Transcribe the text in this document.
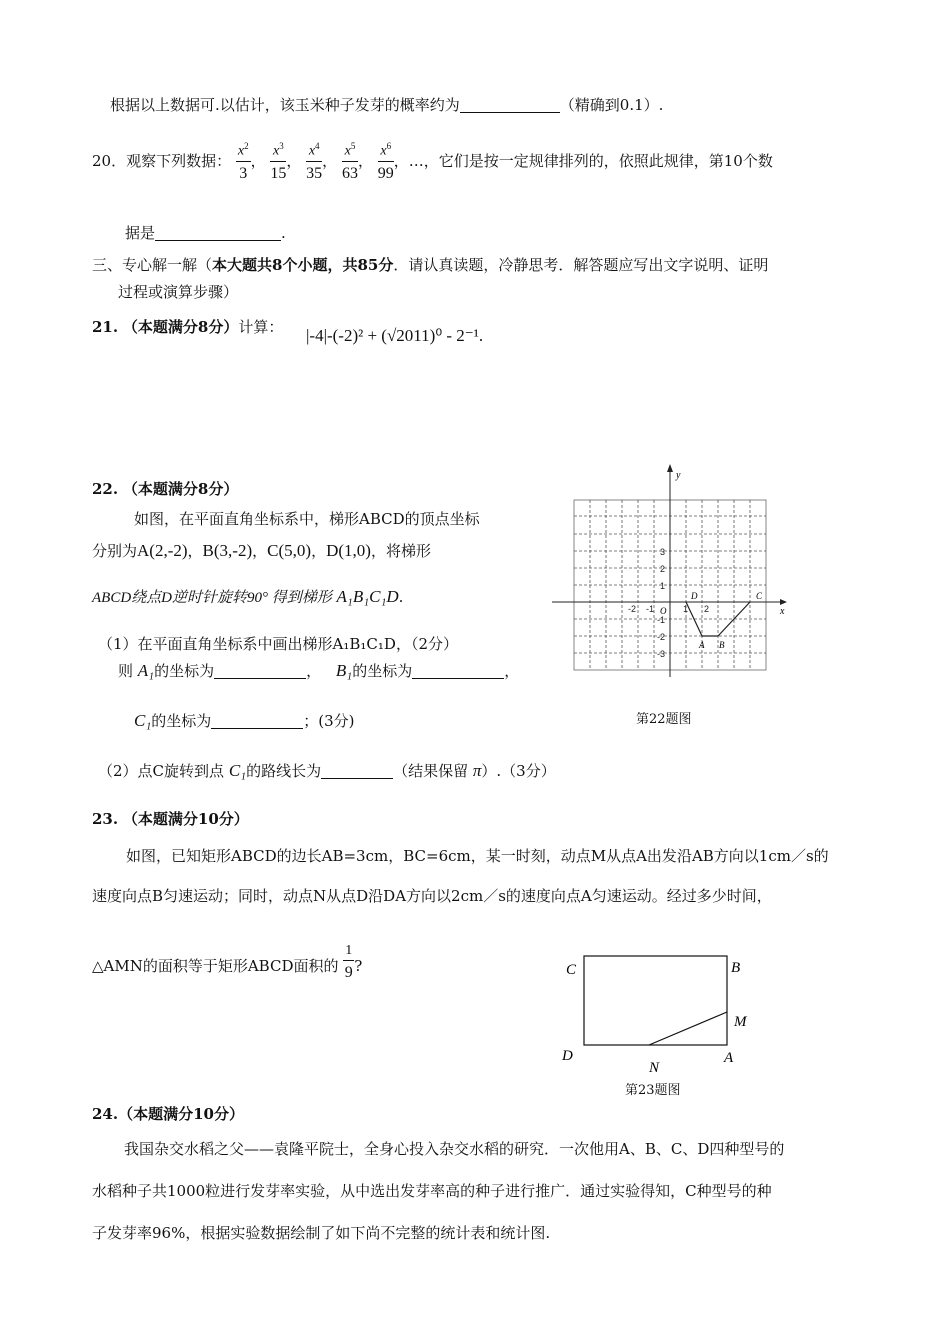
根据以上数据可.以估计，该玉米种子发芽的概率约为	（精确到0.1）.
20．观察下列数据： $\frac{x^2}{3}$ ， $\frac{x^3}{15}$ ， $\frac{x^4}{35}$ ， $\frac{x^5}{63}$ ， $\frac{x^6}{99}$ ，…，它们是按一定规律排列的，依照此规律，第10个数
据是	.
三、专心解一解（本大题共8个小题，共85分．请认真读题，冷静思考．解答题应写出文字说明、证明
过程或演算步骤）
21. （本题满分8分）计算： |-4|-(-2)² + (√2011)⁰ - 2⁻¹.
22. （本题满分8分）
如图，在平面直角坐标系中，梯形ABCD的顶点坐标
分别为A(2,-2)，B(3,-2)，C(5,0)，D(1,0)，将梯形
ABCD绕点D逆时针旋转90° 得到梯形 A₁B₁C₁D.
（1）在平面直角坐标系中画出梯形A₁B₁C₁D，（2分）
则 A₁的坐标为	， B₁的坐标为	，
C₁的坐标为	；(3分)
（2）点C旋转到点 C₁的路线长为	（结果保留 π）.（3分）
y
x
O
3
2
1
-1
-2
-3
-2 -1	1 2
D
A B
C
第22题图
23. （本题满分10分）
如图，已知矩形ABCD的边长AB=3cm，BC=6cm，某一时刻，动点M从点A出发沿AB方向以1cm／s的
速度向点B匀速运动；同时，动点N从点D沿DA方向以2cm／s的速度向点A匀速运动。经过多少时间，
△AMN的面积等于矩形ABCD面积的 $\frac{1}{9}$ ?	C	B
M
D
N
A
第23题图
24.（本题满分10分）
我国杂交水稻之父——袁隆平院士，全身心投入杂交水稻的研究．一次他用A、B、C、D四种型号的
水稻种子共1000粒进行发芽率实验，从中选出发芽率高的种子进行推广．通过实验得知，C种型号的种
子发芽率96%，根据实验数据绘制了如下尚不完整的统计表和统计图.
